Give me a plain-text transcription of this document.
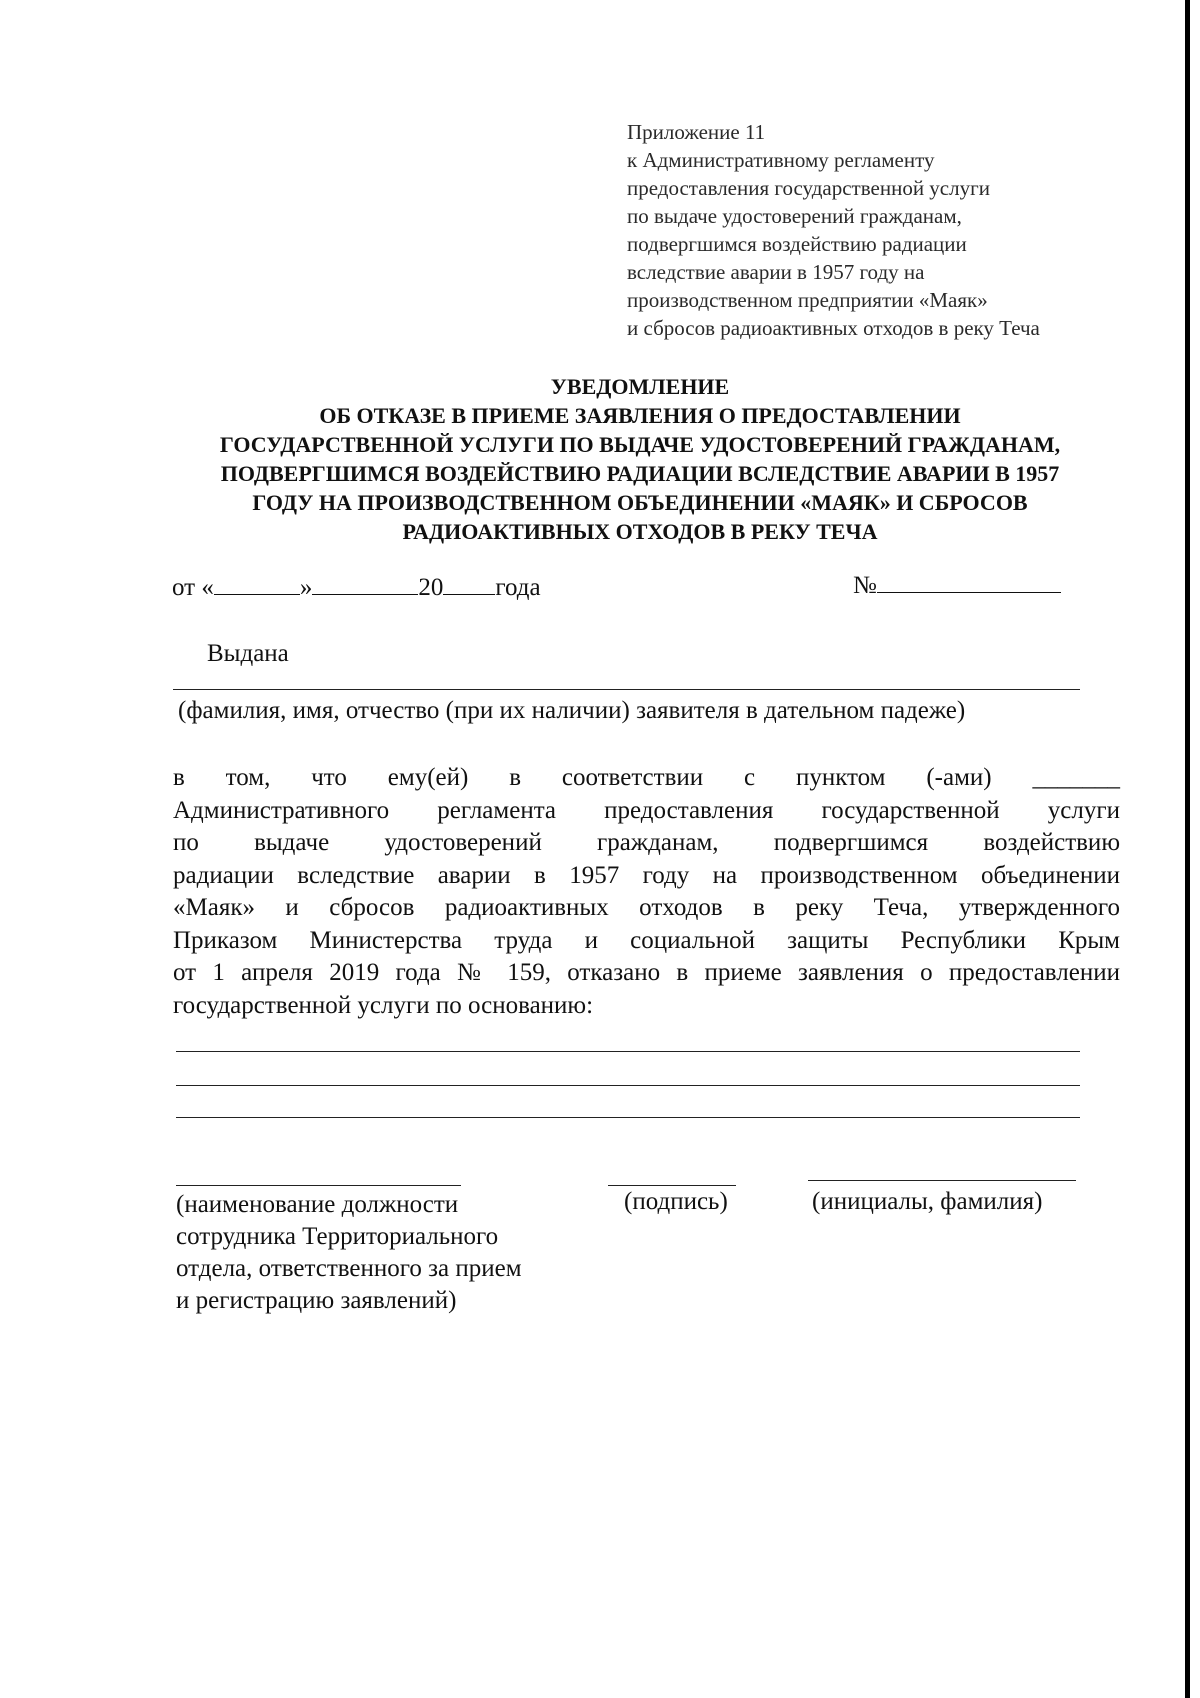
Приложение 11
к Административному регламенту
предоставления государственной услуги
по выдаче удостоверений гражданам,
подвергшимся воздействию радиации
вследствие аварии в 1957 году на
производственном предприятии «Маяк»
и сбросов радиоактивных отходов в реку Теча
УВЕДОМЛЕНИЕ
ОБ ОТКАЗЕ В ПРИЕМЕ ЗАЯВЛЕНИЯ О ПРЕДОСТАВЛЕНИИ
ГОСУДАРСТВЕННОЙ УСЛУГИ ПО ВЫДАЧЕ УДОСТОВЕРЕНИЙ ГРАЖДАНАМ,
ПОДВЕРГШИМСЯ ВОЗДЕЙСТВИЮ РАДИАЦИИ ВСЛЕДСТВИЕ АВАРИИ В 1957
ГОДУ НА ПРОИЗВОДСТВЕННОМ ОБЪЕДИНЕНИИ «МАЯК» И СБРОСОВ
РАДИОАКТИВНЫХ ОТХОДОВ В РЕКУ ТЕЧА
от «	»	20 года	№
Выдана
(фамилия, имя, отчество (при их наличии) заявителя в дательном падеже)
в том, что ему(ей) в соответствии с пунктом (-ами) _______
Административного регламента предоставления государственной услуги
по выдаче удостоверений гражданам, подвергшимся воздействию
радиации вследствие аварии в 1957 году на производственном объединении
«Маяк» и сбросов радиоактивных отходов в реку Теча, утвержденного
Приказом Министерства труда и социальной защиты Республики Крым
от 1 апреля 2019 года № 159, отказано в приеме заявления о предоставлении
государственной услуги по основанию:
(наименование должности
сотрудника Территориального
отдела, ответственного за прием
и регистрацию заявлений)
(подпись)	(инициалы, фамилия)
